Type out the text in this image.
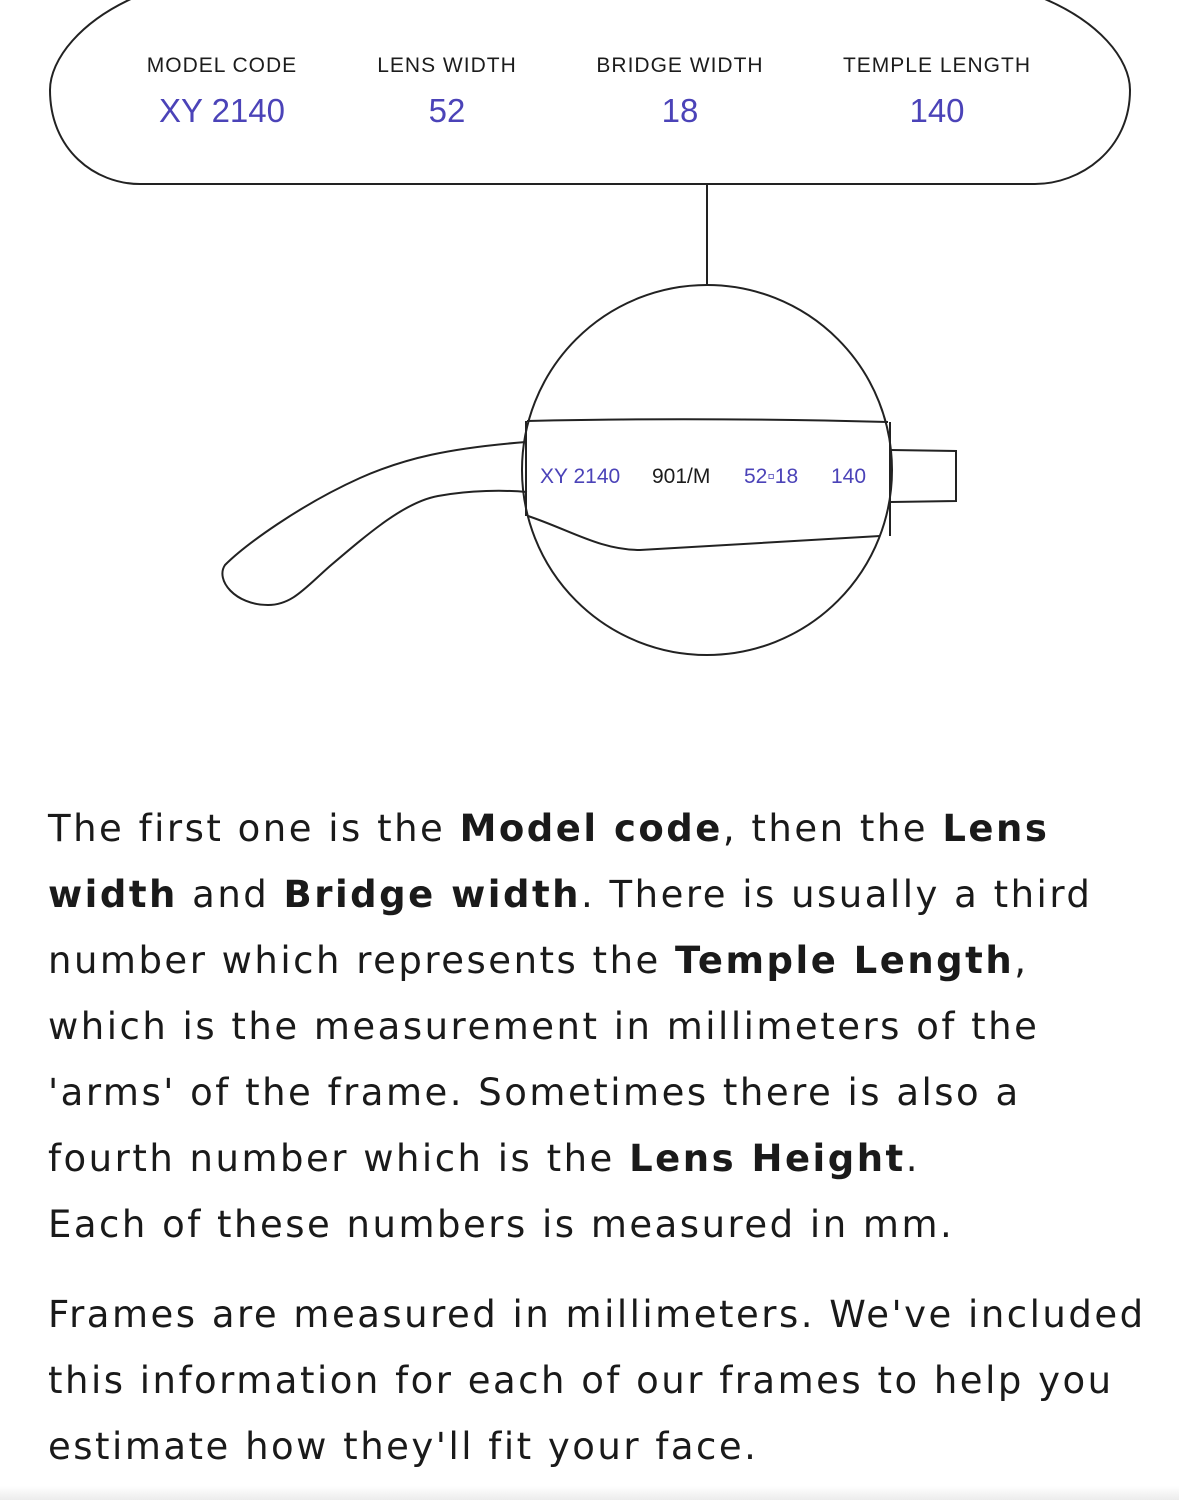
MODEL CODE
XY 2140
LENS WIDTH
52
BRIDGE WIDTH
18
TEMPLE LENGTH
140
XY 2140 901/M 52▫18 140

The first one is the Model code, then the Lens width and Bridge width. There is usually a third number which represents the Temple Length, which is the measurement in millimeters of the 'arms' of the frame. Sometimes there is also a fourth number which is the Lens Height.

Each of these numbers is measured in mm.

Frames are measured in millimeters. We've included this information for each of our frames to help you estimate how they'll fit your face.
